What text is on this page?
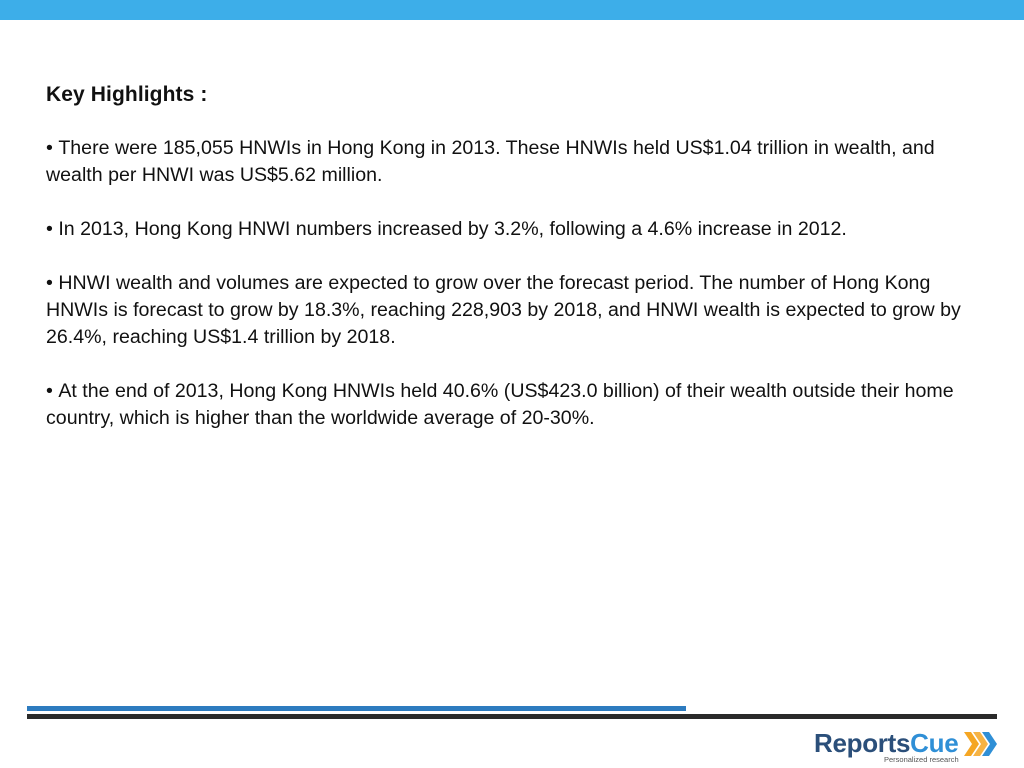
Key Highlights :
• There were 185,055 HNWIs in Hong Kong in 2013. These HNWIs held US$1.04 trillion in wealth, and wealth per HNWI was US$5.62 million.
• In 2013, Hong Kong HNWI numbers increased by 3.2%, following a 4.6% increase in 2012.
• HNWI wealth and volumes are expected to grow over the forecast period. The number of Hong Kong HNWIs is forecast to grow by 18.3%, reaching 228,903 by 2018, and HNWI wealth is expected to grow by 26.4%, reaching US$1.4 trillion by 2018.
• At the end of 2013, Hong Kong HNWIs held 40.6% (US$423.0 billion) of their wealth outside their home country, which is higher than the worldwide average of 20-30%.
ReportsCue
Personalized research
